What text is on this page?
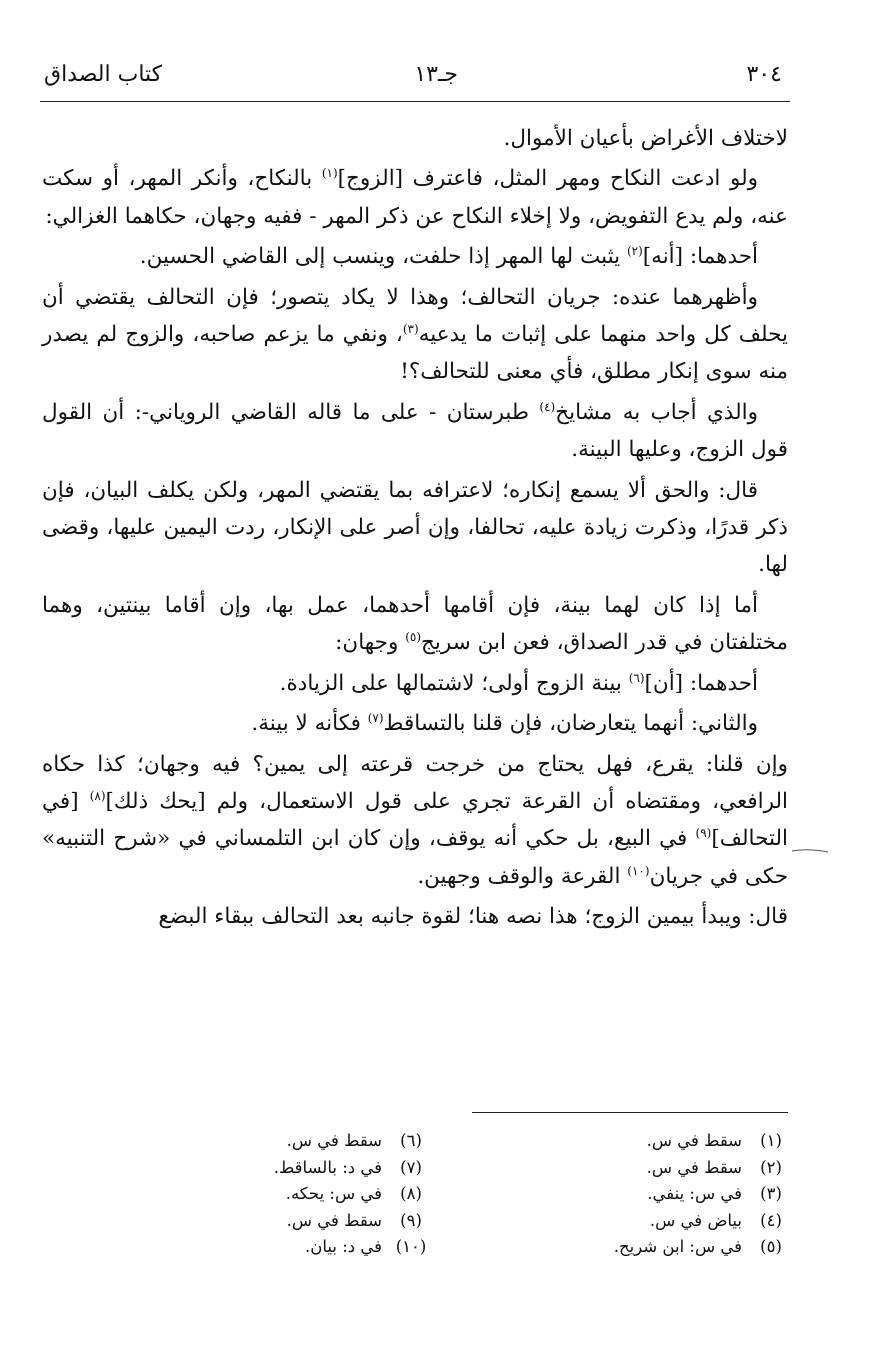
٣٠٤
جـ١٣
كتاب الصداق

لاختلاف الأغراض بأعيان الأموال.

ولو ادعت النكاح ومهر المثل، فاعترف [الزوج]$^{(١)}$ بالنكاح، وأنكر المهر، أو سكت عنه، ولم يدع التفويض، ولا إخلاء النكاح عن ذكر المهر - ففيه وجهان، حكاهما الغزالي:

أحدهما: [أنه]$^{(٢)}$ يثبت لها المهر إذا حلفت، وينسب إلى القاضي الحسين.

وأظهرهما عنده: جريان التحالف؛ وهذا لا يكاد يتصور؛ فإن التحالف يقتضي أن يحلف كل واحد منهما على إثبات ما يدعيه$^{(٣)}$، ونفي ما يزعم صاحبه، والزوج لم يصدر منه سوى إنكار مطلق، فأي معنى للتحالف؟!

والذي أجاب به مشايخ$^{(٤)}$ طبرستان - على ما قاله القاضي الروياني-: أن القول قول الزوج، وعليها البينة.

قال: والحق ألا يسمع إنكاره؛ لاعترافه بما يقتضي المهر، ولكن يكلف البيان، فإن ذكر قدرًا، وذكرت زيادة عليه، تحالفا، وإن أصر على الإنكار، ردت اليمين عليها، وقضى لها.

أما إذا كان لهما بينة، فإن أقامها أحدهما، عمل بها، وإن أقاما بينتين، وهما مختلفتان في قدر الصداق، فعن ابن سريج$^{(٥)}$ وجهان:

أحدهما: [أن]$^{(٦)}$ بينة الزوج أولى؛ لاشتمالها على الزيادة.

والثاني: أنهما يتعارضان، فإن قلنا بالتساقط$^{(٧)}$ فكأنه لا بينة.

وإن قلنا: يقرع، فهل يحتاج من خرجت قرعته إلى يمين؟ فيه وجهان؛ كذا حكاه الرافعي، ومقتضاه أن القرعة تجري على قول الاستعمال، ولم [يحك ذلك]$^{(٨)}$ [في التحالف]$^{(٩)}$ في البيع، بل حكي أنه يوقف، وإن كان ابن التلمساني في «شرح التنبيه» حكى في جريان$^{(١٠)}$ القرعة والوقف وجهين.

قال: ويبدأ بيمين الزوج؛ هذا نصه هنا؛ لقوة جانبه بعد التحالف ببقاء البضع

(١)
سقط في س.
(٢)
سقط في س.
(٣)
في س: ينفي.
(٤)
بياض في س.
(٥)
في س: ابن شريح.
(٦)
سقط في س.
(٧)
في د: بالساقط.
(٨)
في س: يحكه.
(٩)
سقط في س.
(١٠)
في د: بيان.
